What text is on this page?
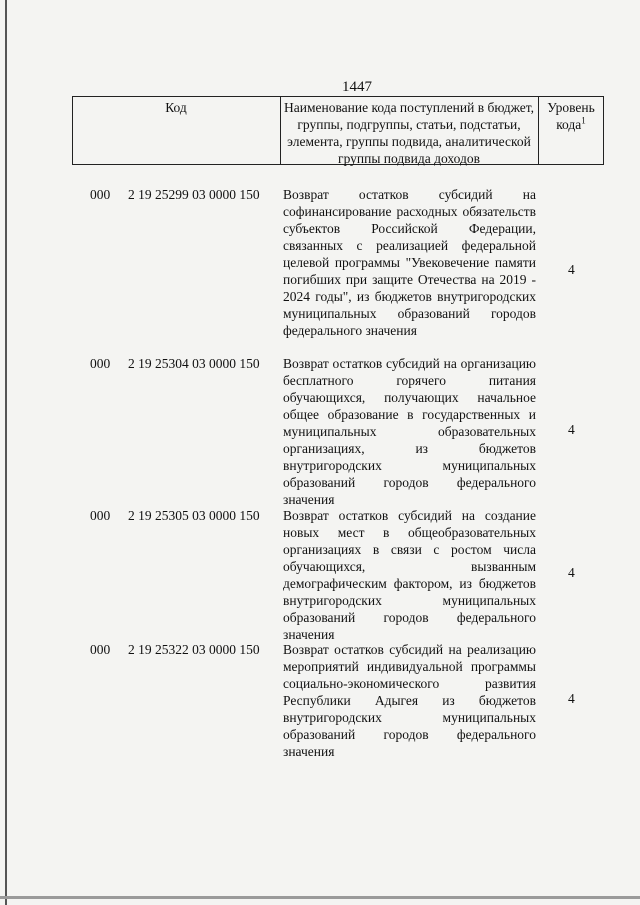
1447
Код	Наименование кода поступлений в бюджет, группы, подгруппы, статьи, подстатьи, элемента, группы подвида, аналитической группы подвида доходов
Уровень кода$^1$
000 2 19 25299 03 0000 150 Возврат остатков субсидий на софинансирование расходных обязательств субъектов Российской Федерации, связанных с реализацией федеральной целевой программы "Увековечение памяти погибших при защите Отечества на 2019 - 2024 годы", из бюджетов внутригородских муниципальных образований городов федерального значения
4
000 2 19 25304 03 0000 150 Возврат остатков субсидий на организацию бесплатного горячего питания обучающихся, получающих начальное общее образование в государственных и муниципальных образовательных организациях, из бюджетов внутригородских муниципальных образований городов федерального значения
4
000 2 19 25305 03 0000 150 Возврат остатков субсидий на создание новых мест в общеобразовательных организациях в связи с ростом числа обучающихся, вызванным демографическим фактором, из бюджетов внутригородских муниципальных образований городов федерального значения
4
000 2 19 25322 03 0000 150 Возврат остатков субсидий на реализацию мероприятий индивидуальной программы социально-экономического развития Республики Адыгея из бюджетов внутригородских муниципальных образований городов федерального значения
4
